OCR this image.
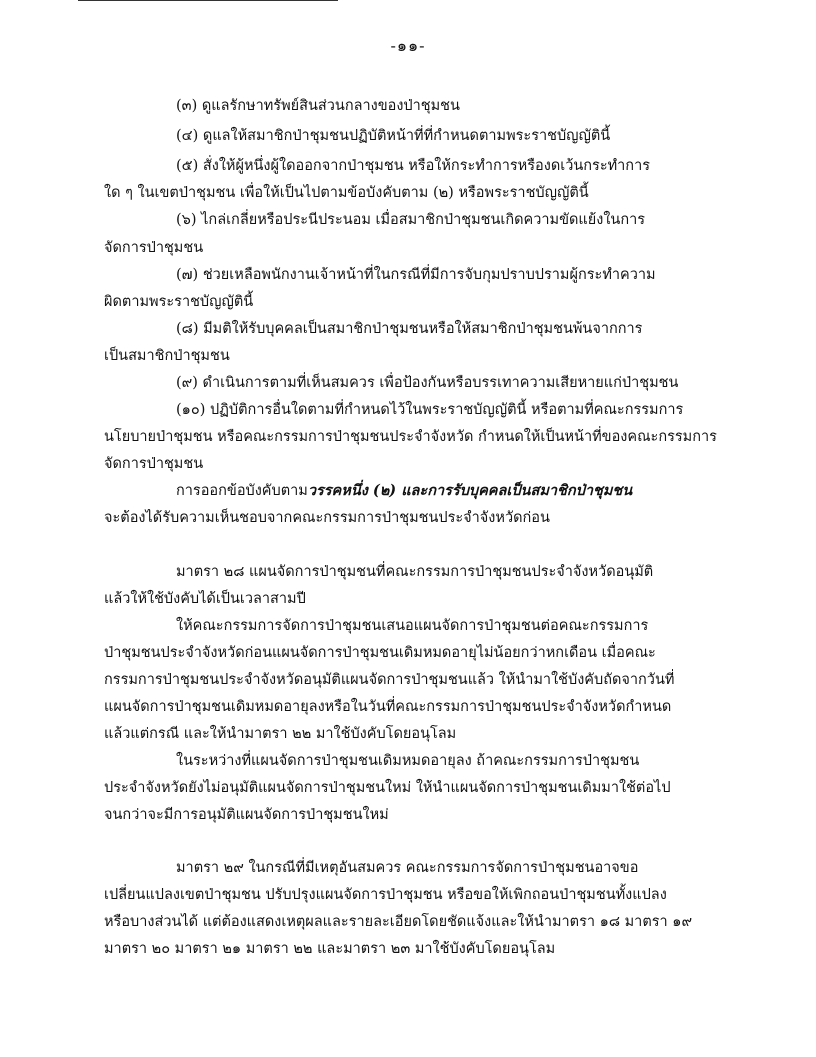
-๑๑-
(๓) ดูแลรักษาทรัพย์สินส่วนกลางของป่าชุมชน
(๔) ดูแลให้สมาชิกป่าชุมชนปฏิบัติหน้าที่ที่กำหนดตามพระราชบัญญัตินี้
(๕) สั่งให้ผู้หนึ่งผู้ใดออกจากป่าชุมชน หรือให้กระทำการหรืองดเว้นกระทำการ
ใด ๆ ในเขตป่าชุมชน เพื่อให้เป็นไปตามข้อบังคับตาม (๒) หรือพระราชบัญญัตินี้
(๖) ไกล่เกลี่ยหรือประนีประนอม เมื่อสมาชิกป่าชุมชนเกิดความขัดแย้งในการ
จัดการป่าชุมชน
(๗) ช่วยเหลือพนักงานเจ้าหน้าที่ในกรณีที่มีการจับกุมปราบปรามผู้กระทำความ
ผิดตามพระราชบัญญัตินี้
(๘) มีมติให้รับบุคคลเป็นสมาชิกป่าชุมชนหรือให้สมาชิกป่าชุมชนพ้นจากการ
เป็นสมาชิกป่าชุมชน
(๙) ดำเนินการตามที่เห็นสมควร เพื่อป้องกันหรือบรรเทาความเสียหายแก่ป่าชุมชน
(๑๐) ปฏิบัติการอื่นใดตามที่กำหนดไว้ในพระราชบัญญัตินี้ หรือตามที่คณะกรรมการ
นโยบายป่าชุมชน หรือคณะกรรมการป่าชุมชนประจำจังหวัด กำหนดให้เป็นหน้าที่ของคณะกรรมการ
จัดการป่าชุมชน
การออกข้อบังคับตามวรรคหนึ่ง (๒) และการรับบุคคลเป็นสมาชิกป่าชุมชน
จะต้องได้รับความเห็นชอบจากคณะกรรมการป่าชุมชนประจำจังหวัดก่อน
มาตรา ๒๘ แผนจัดการป่าชุมชนที่คณะกรรมการป่าชุมชนประจำจังหวัดอนุมัติ
แล้วให้ใช้บังคับได้เป็นเวลาสามปี
ให้คณะกรรมการจัดการป่าชุมชนเสนอแผนจัดการป่าชุมชนต่อคณะกรรมการ
ป่าชุมชนประจำจังหวัดก่อนแผนจัดการป่าชุมชนเดิมหมดอายุไม่น้อยกว่าหกเดือน เมื่อคณะ
กรรมการป่าชุมชนประจำจังหวัดอนุมัติแผนจัดการป่าชุมชนแล้ว ให้นำมาใช้บังคับถัดจากวันที่
แผนจัดการป่าชุมชนเดิมหมดอายุลงหรือในวันที่คณะกรรมการป่าชุมชนประจำจังหวัดกำหนด
แล้วแต่กรณี และให้นำมาตรา ๒๒ มาใช้บังคับโดยอนุโลม
ในระหว่างที่แผนจัดการป่าชุมชนเดิมหมดอายุลง ถ้าคณะกรรมการป่าชุมชน
ประจำจังหวัดยังไม่อนุมัติแผนจัดการป่าชุมชนใหม่ ให้นำแผนจัดการป่าชุมชนเดิมมาใช้ต่อไป
จนกว่าจะมีการอนุมัติแผนจัดการป่าชุมชนใหม่
มาตรา ๒๙ ในกรณีที่มีเหตุอันสมควร คณะกรรมการจัดการป่าชุมชนอาจขอ
เปลี่ยนแปลงเขตป่าชุมชน ปรับปรุงแผนจัดการป่าชุมชน หรือขอให้เพิกถอนป่าชุมชนทั้งแปลง
หรือบางส่วนได้ แต่ต้องแสดงเหตุผลและรายละเอียดโดยชัดแจ้งและให้นำมาตรา ๑๘ มาตรา ๑๙
มาตรา ๒๐ มาตรา ๒๑ มาตรา ๒๒ และมาตรา ๒๓ มาใช้บังคับโดยอนุโลม
